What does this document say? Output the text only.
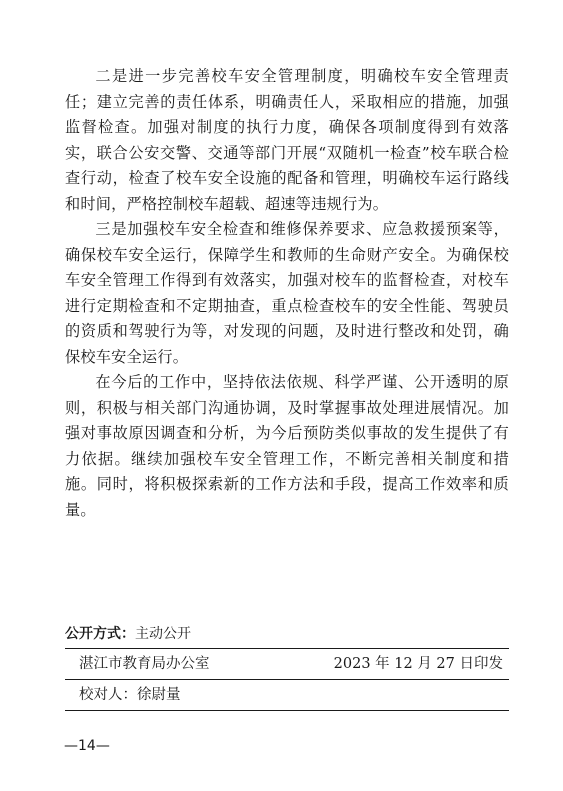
二是进一步完善校车安全管理制度，明确校车安全管理责任；建立完善的责任体系，明确责任人，采取相应的措施，加强监督检查。加强对制度的执行力度，确保各项制度得到有效落实，联合公安交警、交通等部门开展“双随机一检查”校车联合检查行动，检查了校车安全设施的配备和管理，明确校车运行路线和时间，严格控制校车超载、超速等违规行为。

三是加强校车安全检查和维修保养要求、应急救援预案等，确保校车安全运行，保障学生和教师的生命财产安全。为确保校车安全管理工作得到有效落实，加强对校车的监督检查，对校车进行定期检查和不定期抽查，重点检查校车的安全性能、驾驶员的资质和驾驶行为等，对发现的问题，及时进行整改和处罚，确保校车安全运行。

在今后的工作中，坚持依法依规、科学严谨、公开透明的原则，积极与相关部门沟通协调，及时掌握事故处理进展情况。加强对事故原因调查和分析，为今后预防类似事故的发生提供了有力依据。继续加强校车安全管理工作，不断完善相关制度和措施。同时，将积极探索新的工作方法和手段，提高工作效率和质量。

公开方式：主动公开
湛江市教育局办公室	2023 年 12 月 27 日印发
校对人：徐尉量
—14—
